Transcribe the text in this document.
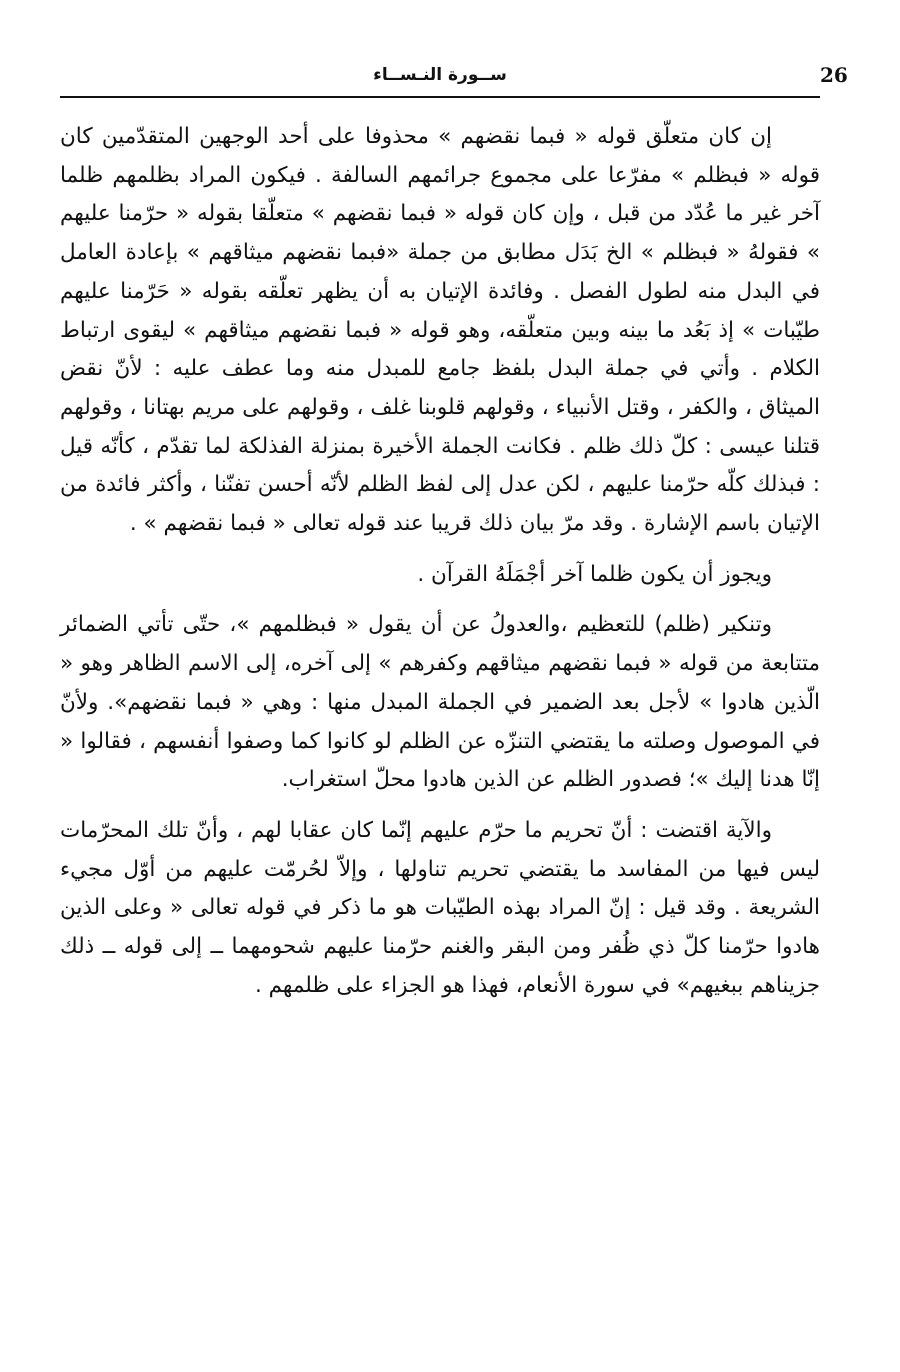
26
ســورة النـســاء

إن كان متعلّق قوله « فبما نقضهم » محذوفا على أحد الوجهين المتقدّمين كان قوله « فبظلم » مفرّعا على مجموع جرائمهم السالفة . فيكون المراد بظلمهم ظلما آخر غير ما عُدّد من قبل ، وإن كان قوله « فبما نقضهم » متعلّقا بقوله « حرّمنا عليهم » فقولهُ « فبظلم » الخ بَدَل مطابق من جملة «فبما نقضهم ميثاقهم » بإعادة العامل في البدل منه لطول الفصل . وفائدة الإتيان به أن يظهر تعلّقه بقوله « حَرّمنا عليهم طيّبات » إذ بَعُد ما بينه وبين متعلّقه، وهو قوله « فبما نقضهم ميثاقهم » ليقوى ارتباط الكلام . وأتي في جملة البدل بلفظ جامع للمبدل منه وما عطف عليه : لأنّ نقض الميثاق ، والكفر ، وقتل الأنبياء ، وقولهم قلوبنا غلف ، وقولهم على مريم بهتانا ، وقولهم قتلنا عيسى : كلّ ذلك ظلم . فكانت الجملة الأخيرة بمنزلة الفذلكة لما تقدّم ، كأنّه قيل : فبذلك كلّه حرّمنا عليهم ، لكن عدل إلى لفظ الظلم لأنّه أحسن تفنّنا ، وأكثر فائدة من الإتيان باسم الإشارة . وقد مرّ بيان ذلك قريبا عند قوله تعالى « فبما نقضهم » .

ويجوز أن يكون ظلما آخر أجْمَلَهُ القرآن .

وتنكير (ظلم) للتعظيم ،والعدولُ عن أن يقول « فبظلمهم »، حتّى تأتي الضمائر متتابعة من قوله « فبما نقضهم ميثاقهم وكفرهم » إلى آخره، إلى الاسم الظاهر وهو « الّذين هادوا » لأجل بعد الضمير في الجملة المبدل منها : وهي « فبما نقضهم». ولأنّ في الموصول وصلته ما يقتضي التنزّه عن الظلم لو كانوا كما وصفوا أنفسهم ، فقالوا « إنّا هدنا إليك »؛ فصدور الظلم عن الذين هادوا محلّ استغراب.

والآية اقتضت : أنّ تحريم ما حرّم عليهم إنّما كان عقابا لهم ، وأنّ تلك المحرّمات ليس فيها من المفاسد ما يقتضي تحريم تناولها ، وإلاّ لحُرمّت عليهم من أوّل مجيء الشريعة . وقد قيل : إنّ المراد بهذه الطيّبات هو ما ذكر في قوله تعالى « وعلى الذين هادوا حرّمنا كلّ ذي ظُفر ومن البقر والغنم حرّمنا عليهم شحومهما ــ إلى قوله ــ ذلك جزيناهم ببغيهم» في سورة الأنعام، فهذا هو الجزاء على ظلمهم .
